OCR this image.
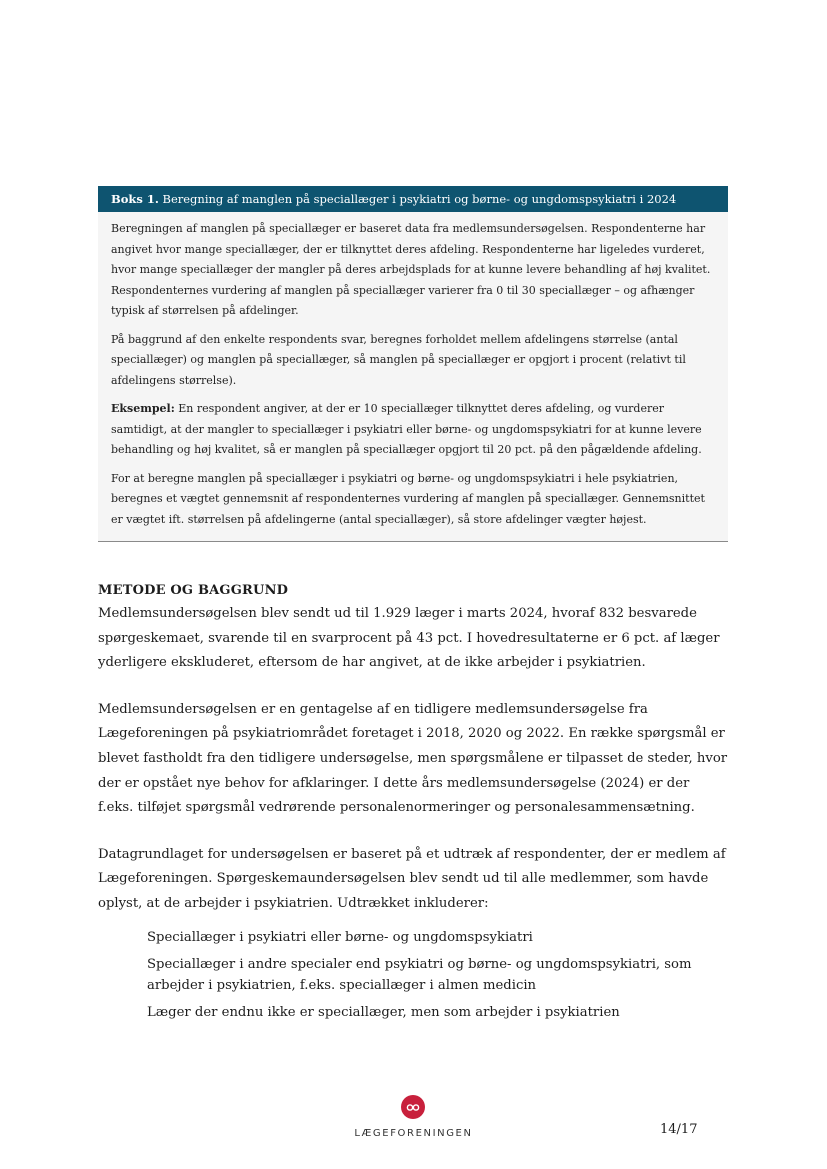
Boks 1. Beregning af manglen på speciallæger i psykiatri og børne- og ungdomspsykiatri i 2024

Beregningen af manglen på speciallæger er baseret data fra medlemsundersøgelsen. Respondenterne har angivet hvor mange speciallæger, der er tilknyttet deres afdeling. Respondenterne har ligeledes vurderet, hvor mange speciallæger der mangler på deres arbejdsplads for at kunne levere behandling af høj kvalitet. Respondenternes vurdering af manglen på speciallæger varierer fra 0 til 30 speciallæger – og afhænger typisk af størrelsen på afdelinger.

På baggrund af den enkelte respondents svar, beregnes forholdet mellem afdelingens størrelse (antal speciallæger) og manglen på speciallæger, så manglen på speciallæger er opgjort i procent (relativt til afdelingens størrelse).

Eksempel: En respondent angiver, at der er 10 speciallæger tilknyttet deres afdeling, og vurderer samtidigt, at der mangler to speciallæger i psykiatri eller børne- og ungdomspsykiatri for at kunne levere behandling og høj kvalitet, så er manglen på speciallæger opgjort til 20 pct. på den pågældende afdeling.

For at beregne manglen på speciallæger i psykiatri og børne- og ungdomspsykiatri i hele psykiatrien, beregnes et vægtet gennemsnit af respondenternes vurdering af manglen på speciallæger. Gennemsnittet er vægtet ift. størrelsen på afdelingerne (antal speciallæger), så store afdelinger vægter højest.

METODE OG BAGGRUND

Medlemsundersøgelsen blev sendt ud til 1.929 læger i marts 2024, hvoraf 832 besvarede spørgeskemaet, svarende til en svarprocent på 43 pct. I hovedresultaterne er 6 pct. af læger yderligere ekskluderet, eftersom de har angivet, at de ikke arbejder i psykiatrien.

Medlemsundersøgelsen er en gentagelse af en tidligere medlemsundersøgelse fra Lægeforeningen på psykiatriområdet foretaget i 2018, 2020 og 2022. En række spørgsmål er blevet fastholdt fra den tidligere undersøgelse, men spørgsmålene er tilpasset de steder, hvor der er opstået nye behov for afklaringer. I dette års medlemsundersøgelse (2024) er der f.eks. tilføjet spørgsmål vedrørende personalenormeringer og personalesammensætning.

Datagrundlaget for undersøgelsen er baseret på et udtræk af respondenter, der er medlem af Lægeforeningen. Spørgeskemaundersøgelsen blev sendt ud til alle medlemmer, som havde oplyst, at de arbejder i psykiatrien. Udtrækket inkluderer:

Speciallæger i psykiatri eller børne- og ungdomspsykiatri
Speciallæger i andre specialer end psykiatri og børne- og ungdomspsykiatri, som arbejder i psykiatrien, f.eks. speciallæger i almen medicin
Læger der endnu ikke er speciallæger, men som arbejder i psykiatrien
LÆGEFORENINGEN	14/17
